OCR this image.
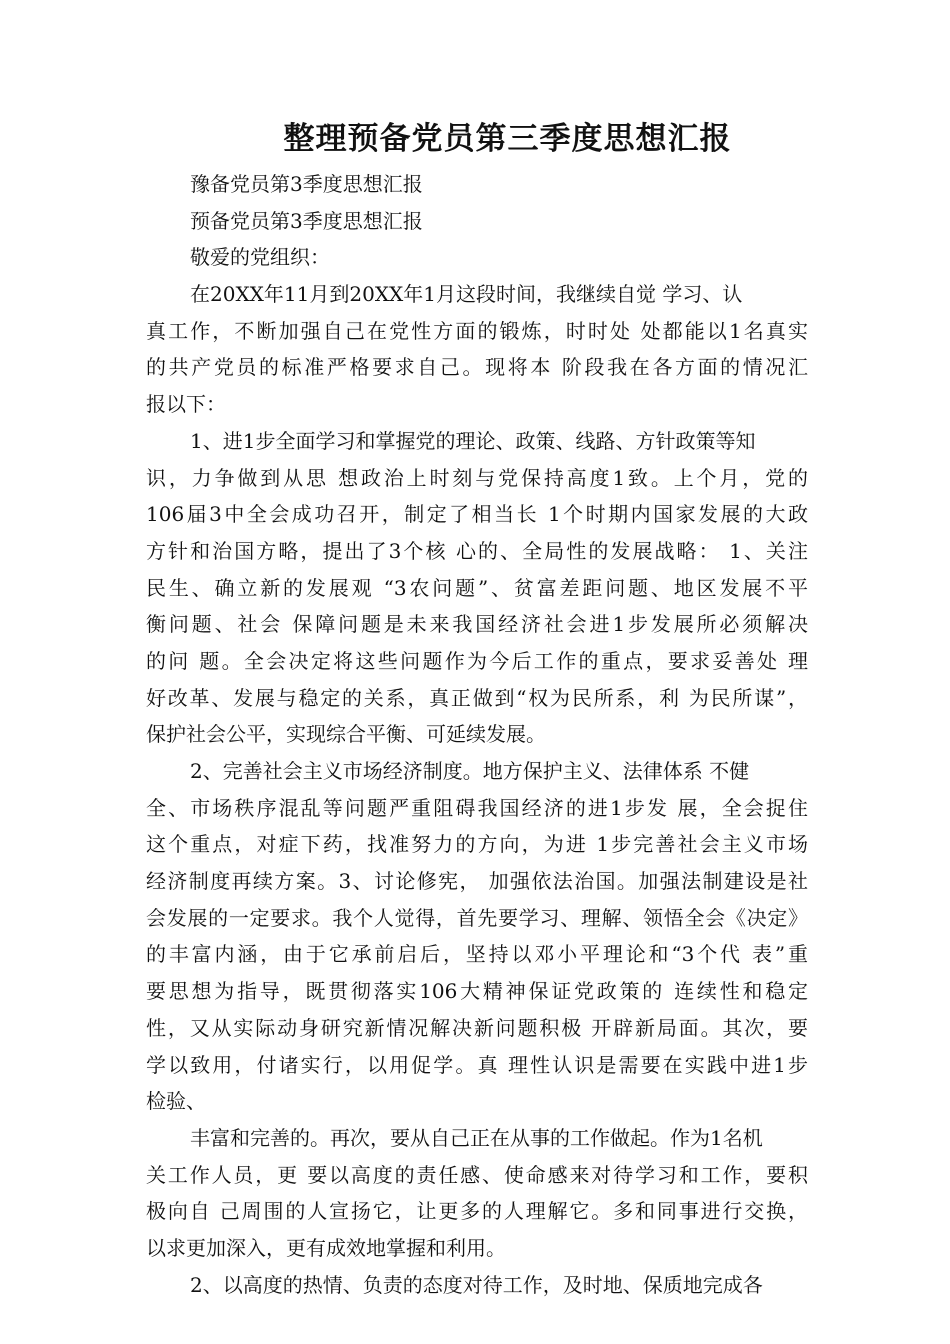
整理预备党员第三季度思想汇报
豫备党员第3季度思想汇报
预备党员第3季度思想汇报
敬爱的党组织：
在20XX年11月到20XX年1月这段时间，我继续自觉 学习、认
真工作，不断加强自己在党性方面的锻炼，时时处 处都能以1名真实
的共产党员的标准严格要求自己。现将本 阶段我在各方面的情况汇
报以下：
1、进1步全面学习和掌握党的理论、政策、线路、方针政策等知
识，力争做到从思 想政治上时刻与党保持高度1致。上个月，党的
106届3中全会成功召开，制定了相当长 1个时期内国家发展的大政
方针和治国方略，提出了3个核 心的、全局性的发展战略： 1、关注
民生、确立新的发展观 “3农问题”、贫富差距问题、地区发展不平
衡问题、社会 保障问题是未来我国经济社会进1步发展所必须解决
的问 题。全会决定将这些问题作为今后工作的重点，要求妥善处 理
好改革、发展与稳定的关系，真正做到“权为民所系，利 为民所谋”，
保护社会公平，实现综合平衡、可延续发展。
2、完善社会主义市场经济制度。地方保护主义、法律体系 不健
全、市场秩序混乱等问题严重阻碍我国经济的进1步发 展，全会捉住
这个重点，对症下药，找准努力的方向，为进 1步完善社会主义市场
经济制度再续方案。3、讨论修宪， 加强依法治国。加强法制建设是社
会发展的一定要求。我个人觉得，首先要学习、理解、领悟全会《决定》
的丰富内涵，由于它承前启后，坚持以邓小平理论和“3个代 表”重
要思想为指导，既贯彻落实106大精神保证党政策的 连续性和稳定
性，又从实际动身研究新情况解决新问题积极 开辟新局面。其次，要
学以致用，付诸实行，以用促学。真 理性认识是需要在实践中进1步
检验、
丰富和完善的。再次，要从自己正在从事的工作做起。作为1名机
关工作人员，更 要以高度的责任感、使命感来对待学习和工作，要积
极向自 己周围的人宣扬它，让更多的人理解它。多和同事进行交换，
以求更加深入，更有成效地掌握和利用。
2、以高度的热情、负责的态度对待工作，及时地、保质地完成各
